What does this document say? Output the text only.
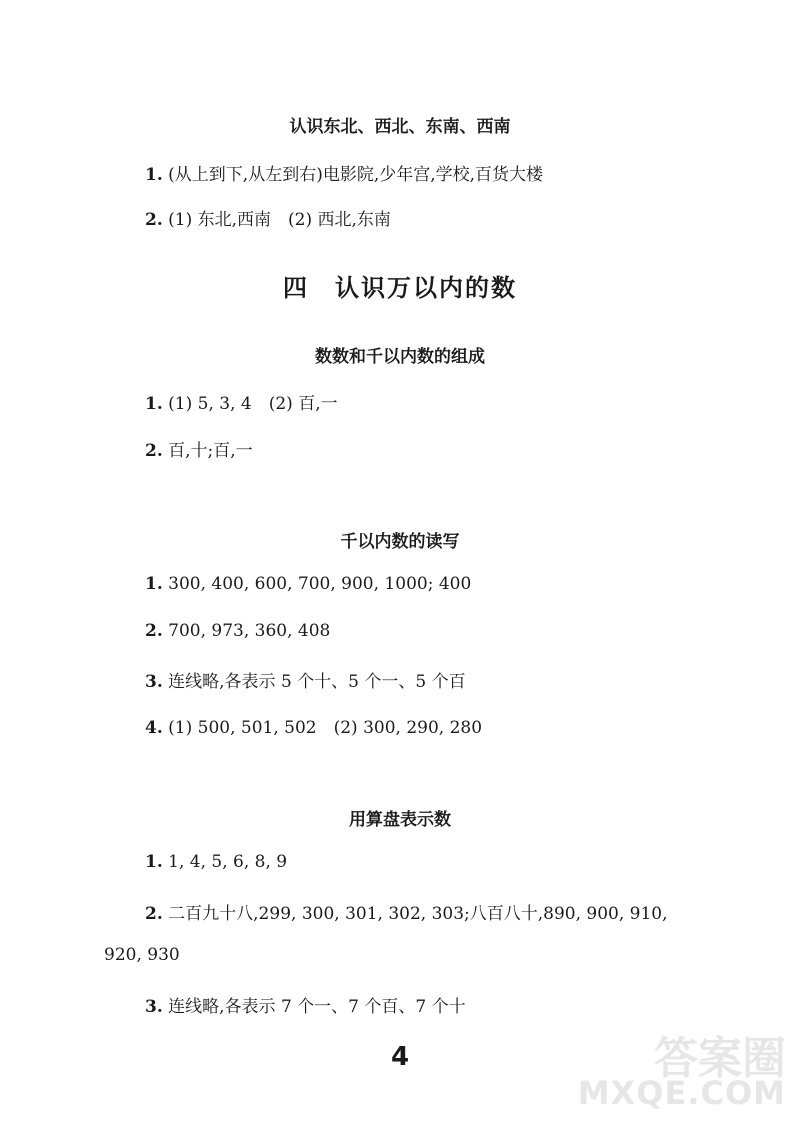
认识东北、西北、东南、西南

1. (从上到下,从左到右)电影院,少年宫,学校,百货大楼

2. (1) 东北,西南　(2) 西北,东南

四　认识万以内的数
数数和千以内数的组成

1. (1) 5, 3, 4　(2) 百,一

2. 百,十;百,一

千以内数的读写

1. 300, 400, 600, 700, 900, 1000; 400

2. 700, 973, 360, 408

3. 连线略,各表示 5 个十、5 个一、5 个百

4. (1) 500, 501, 502　(2) 300, 290, 280

用算盘表示数

1. 1, 4, 5, 6, 8, 9

2. 二百九十八,299, 300, 301, 302, 303;八百八十,890, 900, 910,

920, 930

3. 连线略,各表示 7 个一、7 个百、7 个十

4	答案圈
MXQE.COM
